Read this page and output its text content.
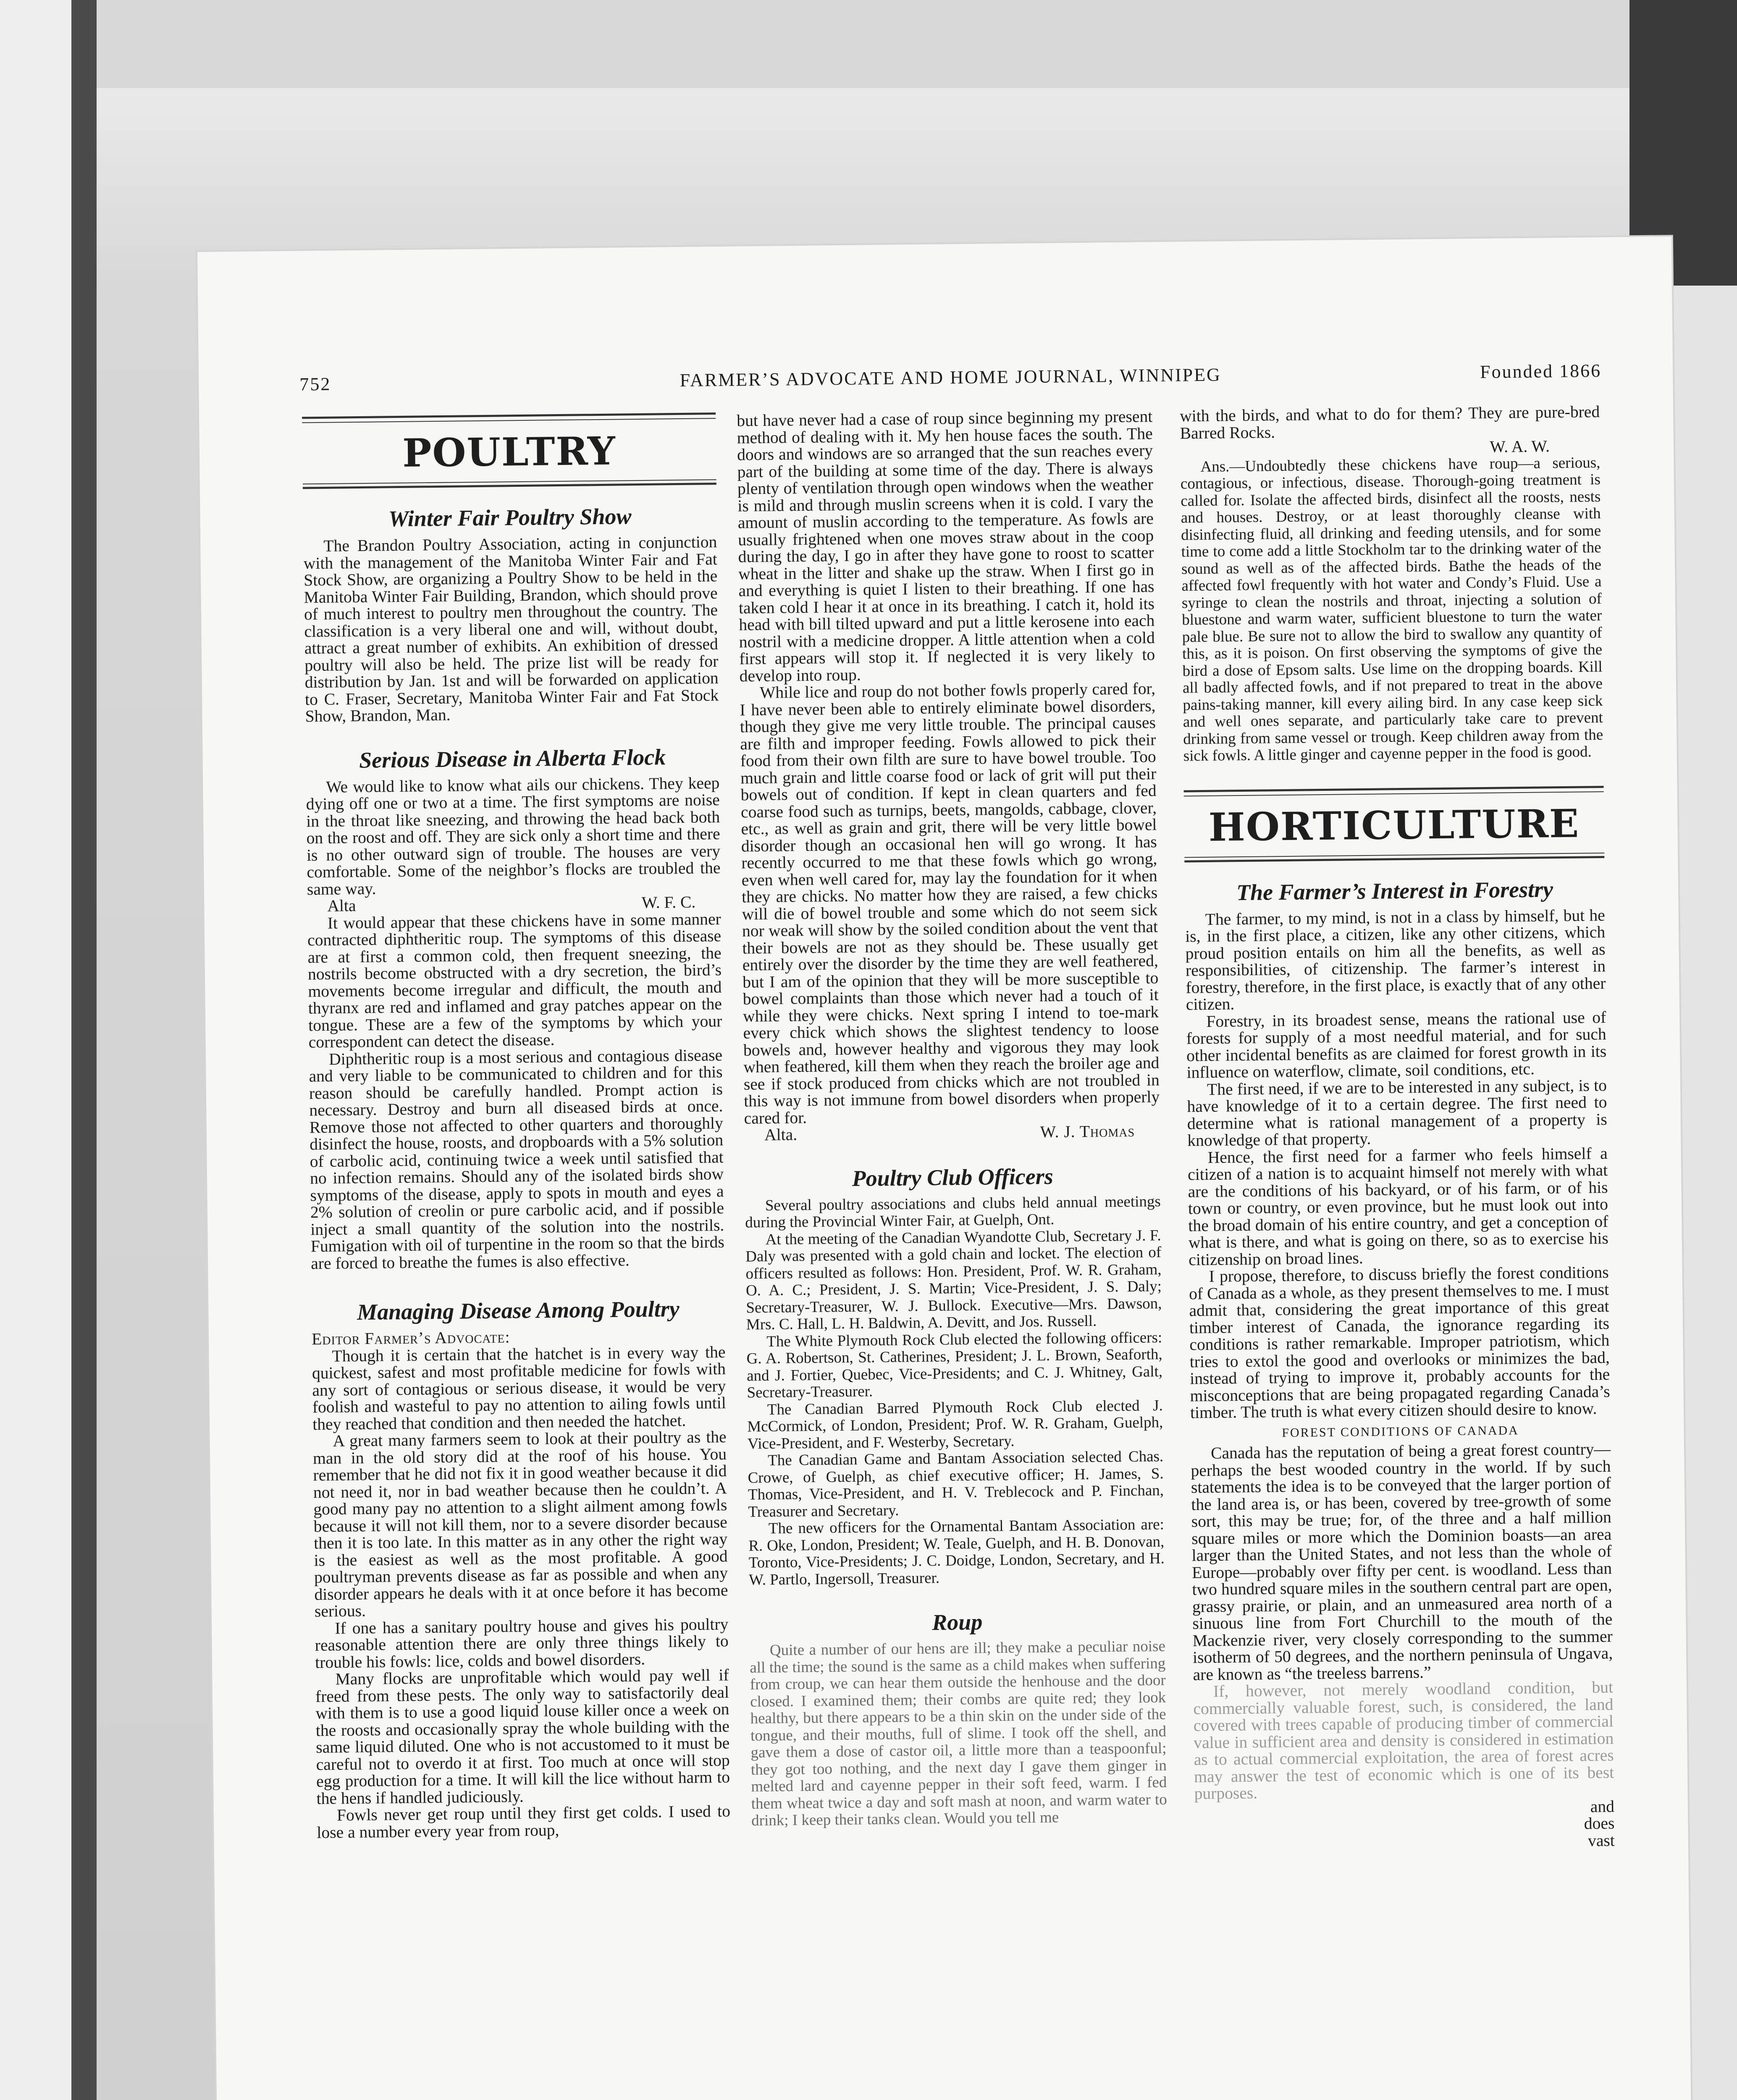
752	FARMER’S ADVOCATE AND HOME JOURNAL, WINNIPEG	Founded 1866
POULTRY
Winter Fair Poultry Show

The Brandon Poultry Association, acting in conjunction with the management of the Manitoba Winter Fair and Fat Stock Show, are organizing a Poultry Show to be held in the Manitoba Winter Fair Building, Brandon, which should prove of much interest to poultry men throughout the country. The classification is a very liberal one and will, without doubt, attract a great number of exhibits. An exhibition of dressed poultry will also be held. The prize list will be ready for distribution by Jan. 1st and will be forwarded on application to C. Fraser, Secretary, Manitoba Winter Fair and Fat Stock Show, Brandon, Man.

Serious Disease in Alberta Flock

We would like to know what ails our chickens. They keep dying off one or two at a time. The first symptoms are noise in the throat like sneezing, and throwing the head back both on the roost and off. They are sick only a short time and there is no other outward sign of trouble. The houses are very comfortable. Some of the neighbor’s flocks are troubled the same way.

Alta	W. F. C.

It would appear that these chickens have in some manner contracted diphtheritic roup. The symptoms of this disease are at first a common cold, then frequent sneezing, the nostrils become obstructed with a dry secretion, the bird’s movements become irregular and difficult, the mouth and thyranx are red and inflamed and gray patches appear on the tongue. These are a few of the symptoms by which your correspondent can detect the disease.

Diphtheritic roup is a most serious and contagious disease and very liable to be communicated to children and for this reason should be carefully handled. Prompt action is necessary. Destroy and burn all diseased birds at once. Remove those not affected to other quarters and thoroughly disinfect the house, roosts, and dropboards with a 5% solution of carbolic acid, continuing twice a week until satisfied that no infection remains. Should any of the isolated birds show symptoms of the disease, apply to spots in mouth and eyes a 2% solution of creolin or pure carbolic acid, and if possible inject a small quantity of the solution into the nostrils. Fumigation with oil of turpentine in the room so that the birds are forced to breathe the fumes is also effective.

Managing Disease Among Poultry

Editor Farmer’s Advocate:

Though it is certain that the hatchet is in every way the quickest, safest and most profitable medicine for fowls with any sort of contagious or serious disease, it would be very foolish and wasteful to pay no attention to ailing fowls until they reached that condition and then needed the hatchet.

A great many farmers seem to look at their poultry as the man in the old story did at the roof of his house. You remember that he did not fix it in good weather because it did not need it, nor in bad weather because then he couldn’t. A good many pay no attention to a slight ailment among fowls because it will not kill them, nor to a severe disorder because then it is too late. In this matter as in any other the right way is the easiest as well as the most profitable. A good poultryman prevents disease as far as possible and when any disorder appears he deals with it at once before it has become serious.

If one has a sanitary poultry house and gives his poultry reasonable attention there are only three things likely to trouble his fowls: lice, colds and bowel disorders.

Many flocks are unprofitable which would pay well if freed from these pests. The only way to satisfactorily deal with them is to use a good liquid louse killer once a week on the roosts and occasionally spray the whole building with the same liquid diluted. One who is not accustomed to it must be careful not to overdo it at first. Too much at once will stop egg production for a time. It will kill the lice without harm to the hens if handled judiciously.

Fowls never get roup until they first get colds. I used to lose a number every year from roup,

but have never had a case of roup since beginning my present method of dealing with it. My hen house faces the south. The doors and windows are so arranged that the sun reaches every part of the building at some time of the day. There is always plenty of ventilation through open windows when the weather is mild and through muslin screens when it is cold. I vary the amount of muslin according to the temperature. As fowls are usually frightened when one moves straw about in the coop during the day, I go in after they have gone to roost to scatter wheat in the litter and shake up the straw. When I first go in and everything is quiet I listen to their breathing. If one has taken cold I hear it at once in its breathing. I catch it, hold its head with bill tilted upward and put a little kerosene into each nostril with a medicine dropper. A little attention when a cold first appears will stop it. If neglected it is very likely to develop into roup.

While lice and roup do not bother fowls properly cared for, I have never been able to entirely eliminate bowel disorders, though they give me very little trouble. The principal causes are filth and improper feeding. Fowls allowed to pick their food from their own filth are sure to have bowel trouble. Too much grain and little coarse food or lack of grit will put their bowels out of condition. If kept in clean quarters and fed coarse food such as turnips, beets, mangolds, cabbage, clover, etc., as well as grain and grit, there will be very little bowel disorder though an occasional hen will go wrong. It has recently occurred to me that these fowls which go wrong, even when well cared for, may lay the foundation for it when they are chicks. No matter how they are raised, a few chicks will die of bowel trouble and some which do not seem sick nor weak will show by the soiled condition about the vent that their bowels are not as they should be. These usually get entirely over the disorder by the time they are well feathered, but I am of the opinion that they will be more susceptible to bowel complaints than those which never had a touch of it while they were chicks. Next spring I intend to toe-mark every chick which shows the slightest tendency to loose bowels and, however healthy and vigorous they may look when feathered, kill them when they reach the broiler age and see if stock produced from chicks which are not troubled in this way is not immune from bowel disorders when properly cared for.

Alta.	W. J. Thomas
Poultry Club Officers

Several poultry associations and clubs held annual meetings during the Provincial Winter Fair, at Guelph, Ont.

At the meeting of the Canadian Wyandotte Club, Secretary J. F. Daly was presented with a gold chain and locket. The election of officers resulted as follows: Hon. President, Prof. W. R. Graham, O. A. C.; President, J. S. Martin; Vice-President, J. S. Daly; Secretary-Treasurer, W. J. Bullock. Executive—Mrs. Dawson, Mrs. C. Hall, L. H. Baldwin, A. Devitt, and Jos. Russell.

The White Plymouth Rock Club elected the following officers: G. A. Robertson, St. Catherines, President; J. L. Brown, Seaforth, and J. Fortier, Quebec, Vice-Presidents; and C. J. Whitney, Galt, Secretary-Treasurer.

The Canadian Barred Plymouth Rock Club elected J. McCormick, of London, President; Prof. W. R. Graham, Guelph, Vice-President, and F. Westerby, Secretary.

The Canadian Game and Bantam Association selected Chas. Crowe, of Guelph, as chief executive officer; H. James, S. Thomas, Vice-President, and H. V. Treblecock and P. Finchan, Treasurer and Secretary.

The new officers for the Ornamental Bantam Association are: R. Oke, London, President; W. Teale, Guelph, and H. B. Donovan, Toronto, Vice-Presidents; J. C. Doidge, London, Secretary, and H. W. Partlo, Ingersoll, Treasurer.

Roup

Quite a number of our hens are ill; they make a peculiar noise all the time; the sound is the same as a child makes when suffering from croup, we can hear them outside the henhouse and the door closed. I examined them; their combs are quite red; they look healthy, but there appears to be a thin skin on the under side of the tongue, and their mouths, full of slime. I took off the shell, and gave them a dose of castor oil, a little more than a teaspoonful; they got too nothing, and the next day I gave them ginger in melted lard and cayenne pepper in their soft feed, warm. I fed them wheat twice a day and soft mash at noon, and warm water to drink; I keep their tanks clean. Would you tell me

with the birds, and what to do for them? They are pure-bred Barred Rocks.

W. A. W.

Ans.—Undoubtedly these chickens have roup—a serious, contagious, or infectious, disease. Thorough-going treatment is called for. Isolate the affected birds, disinfect all the roosts, nests and houses. Destroy, or at least thoroughly cleanse with disinfecting fluid, all drinking and feeding utensils, and for some time to come add a little Stockholm tar to the drinking water of the sound as well as of the affected birds. Bathe the heads of the affected fowl frequently with hot water and Condy’s Fluid. Use a syringe to clean the nostrils and throat, injecting a solution of bluestone and warm water, sufficient bluestone to turn the water pale blue. Be sure not to allow the bird to swallow any quantity of this, as it is poison. On first observing the symptoms of give the bird a dose of Epsom salts. Use lime on the dropping boards. Kill all badly affected fowls, and if not prepared to treat in the above pains-taking manner, kill every ailing bird. In any case keep sick and well ones separate, and particularly take care to prevent drinking from same vessel or trough. Keep children away from the sick fowls. A little ginger and cayenne pepper in the food is good.

HORTICULTURE
The Farmer’s Interest in Forestry

The farmer, to my mind, is not in a class by himself, but he is, in the first place, a citizen, like any other citizens, which proud position entails on him all the benefits, as well as responsibilities, of citizenship. The farmer’s interest in forestry, therefore, in the first place, is exactly that of any other citizen.

Forestry, in its broadest sense, means the rational use of forests for supply of a most needful material, and for such other incidental benefits as are claimed for forest growth in its influence on waterflow, climate, soil conditions, etc.

The first need, if we are to be interested in any subject, is to have knowledge of it to a certain degree. The first need to determine what is rational management of a property is knowledge of that property.

Hence, the first need for a farmer who feels himself a citizen of a nation is to acquaint himself not merely with what are the conditions of his backyard, or of his farm, or of his town or country, or even province, but he must look out into the broad domain of his entire country, and get a conception of what is there, and what is going on there, so as to exercise his citizenship on broad lines.

I propose, therefore, to discuss briefly the forest conditions of Canada as a whole, as they present themselves to me. I must admit that, considering the great importance of this great timber interest of Canada, the ignorance regarding its conditions is rather remarkable. Improper patriotism, which tries to extol the good and overlooks or minimizes the bad, instead of trying to improve it, probably accounts for the misconceptions that are being propagated regarding Canada’s timber. The truth is what every citizen should desire to know.

FOREST CONDITIONS OF CANADA

Canada has the reputation of being a great forest country—perhaps the best wooded country in the world. If by such statements the idea is to be conveyed that the larger portion of the land area is, or has been, covered by tree-growth of some sort, this may be true; for, of the three and a half million square miles or more which the Dominion boasts—an area larger than the United States, and not less than the whole of Europe—probably over fifty per cent. is woodland. Less than two hundred square miles in the southern central part are open, grassy prairie, or plain, and an unmeasured area north of a sinuous line from Fort Churchill to the mouth of the Mackenzie river, very closely corresponding to the summer isotherm of 50 degrees, and the northern peninsula of Ungava, are known as “the treeless barrens.”

If, however, not merely woodland condition, but commercially valuable forest, such, is considered, the land covered with trees capable of producing timber of commercial value in sufficient area and density is considered in estimation as to actual commercial exploitation, the area of forest acres may answer the test of economic which is one of its best purposes.

and

does

vast
